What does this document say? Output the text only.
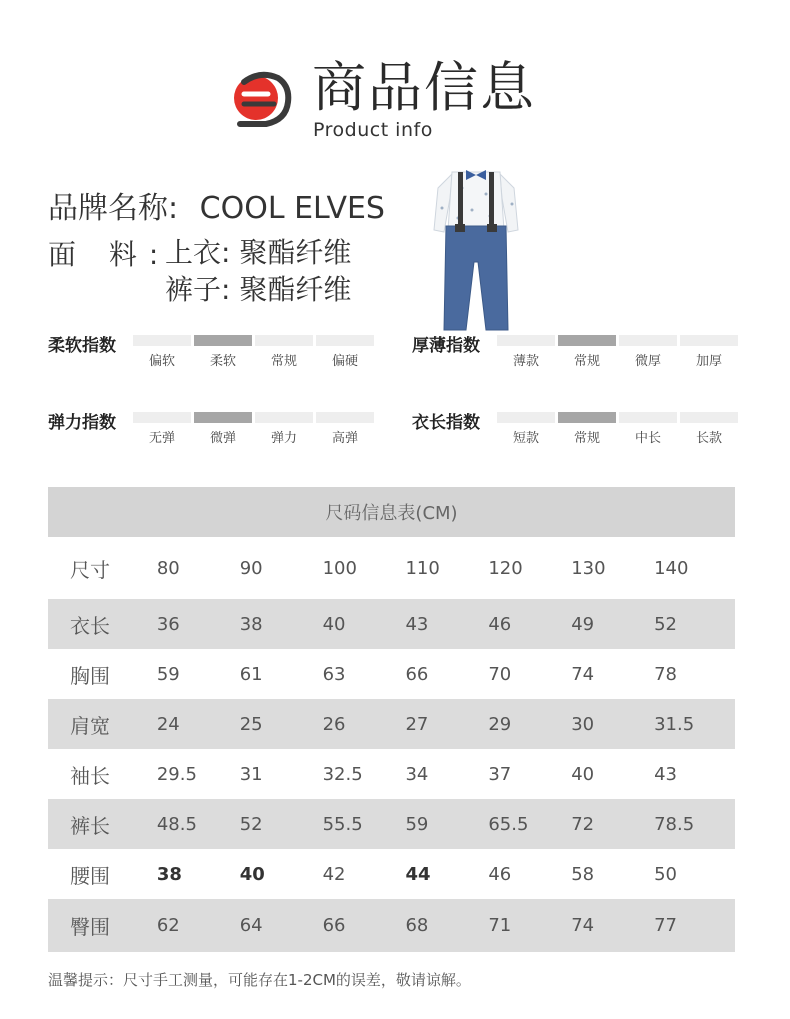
商品信息
Product info
品牌名称: COOL ELVES
面 料:
上衣: 聚酯纤维
裤子: 聚酯纤维
柔软指数
偏软	柔软	常规	偏硬
厚薄指数
薄款	常规	微厚	加厚
弹力指数
无弹	微弹	弹力	高弹
衣长指数
短款	常规	中长	长款
尺码信息表(CM)
尺寸	80	90	100	110	120	130	140
衣长	36	38	40	43	46	49	52
胸围	59	61	63	66	70	74	78
肩宽	24	25	26	27	29	30	31.5
袖长	29.5	31	32.5	34	37	40	43
裤长	48.5	52	55.5	59	65.5	72	78.5
腰围	38	40	42	44	46	58	50
臀围	62	64	66	68	71	74	77
温馨提示：尺寸手工测量，可能存在1-2CM的误差，敬请谅解。
